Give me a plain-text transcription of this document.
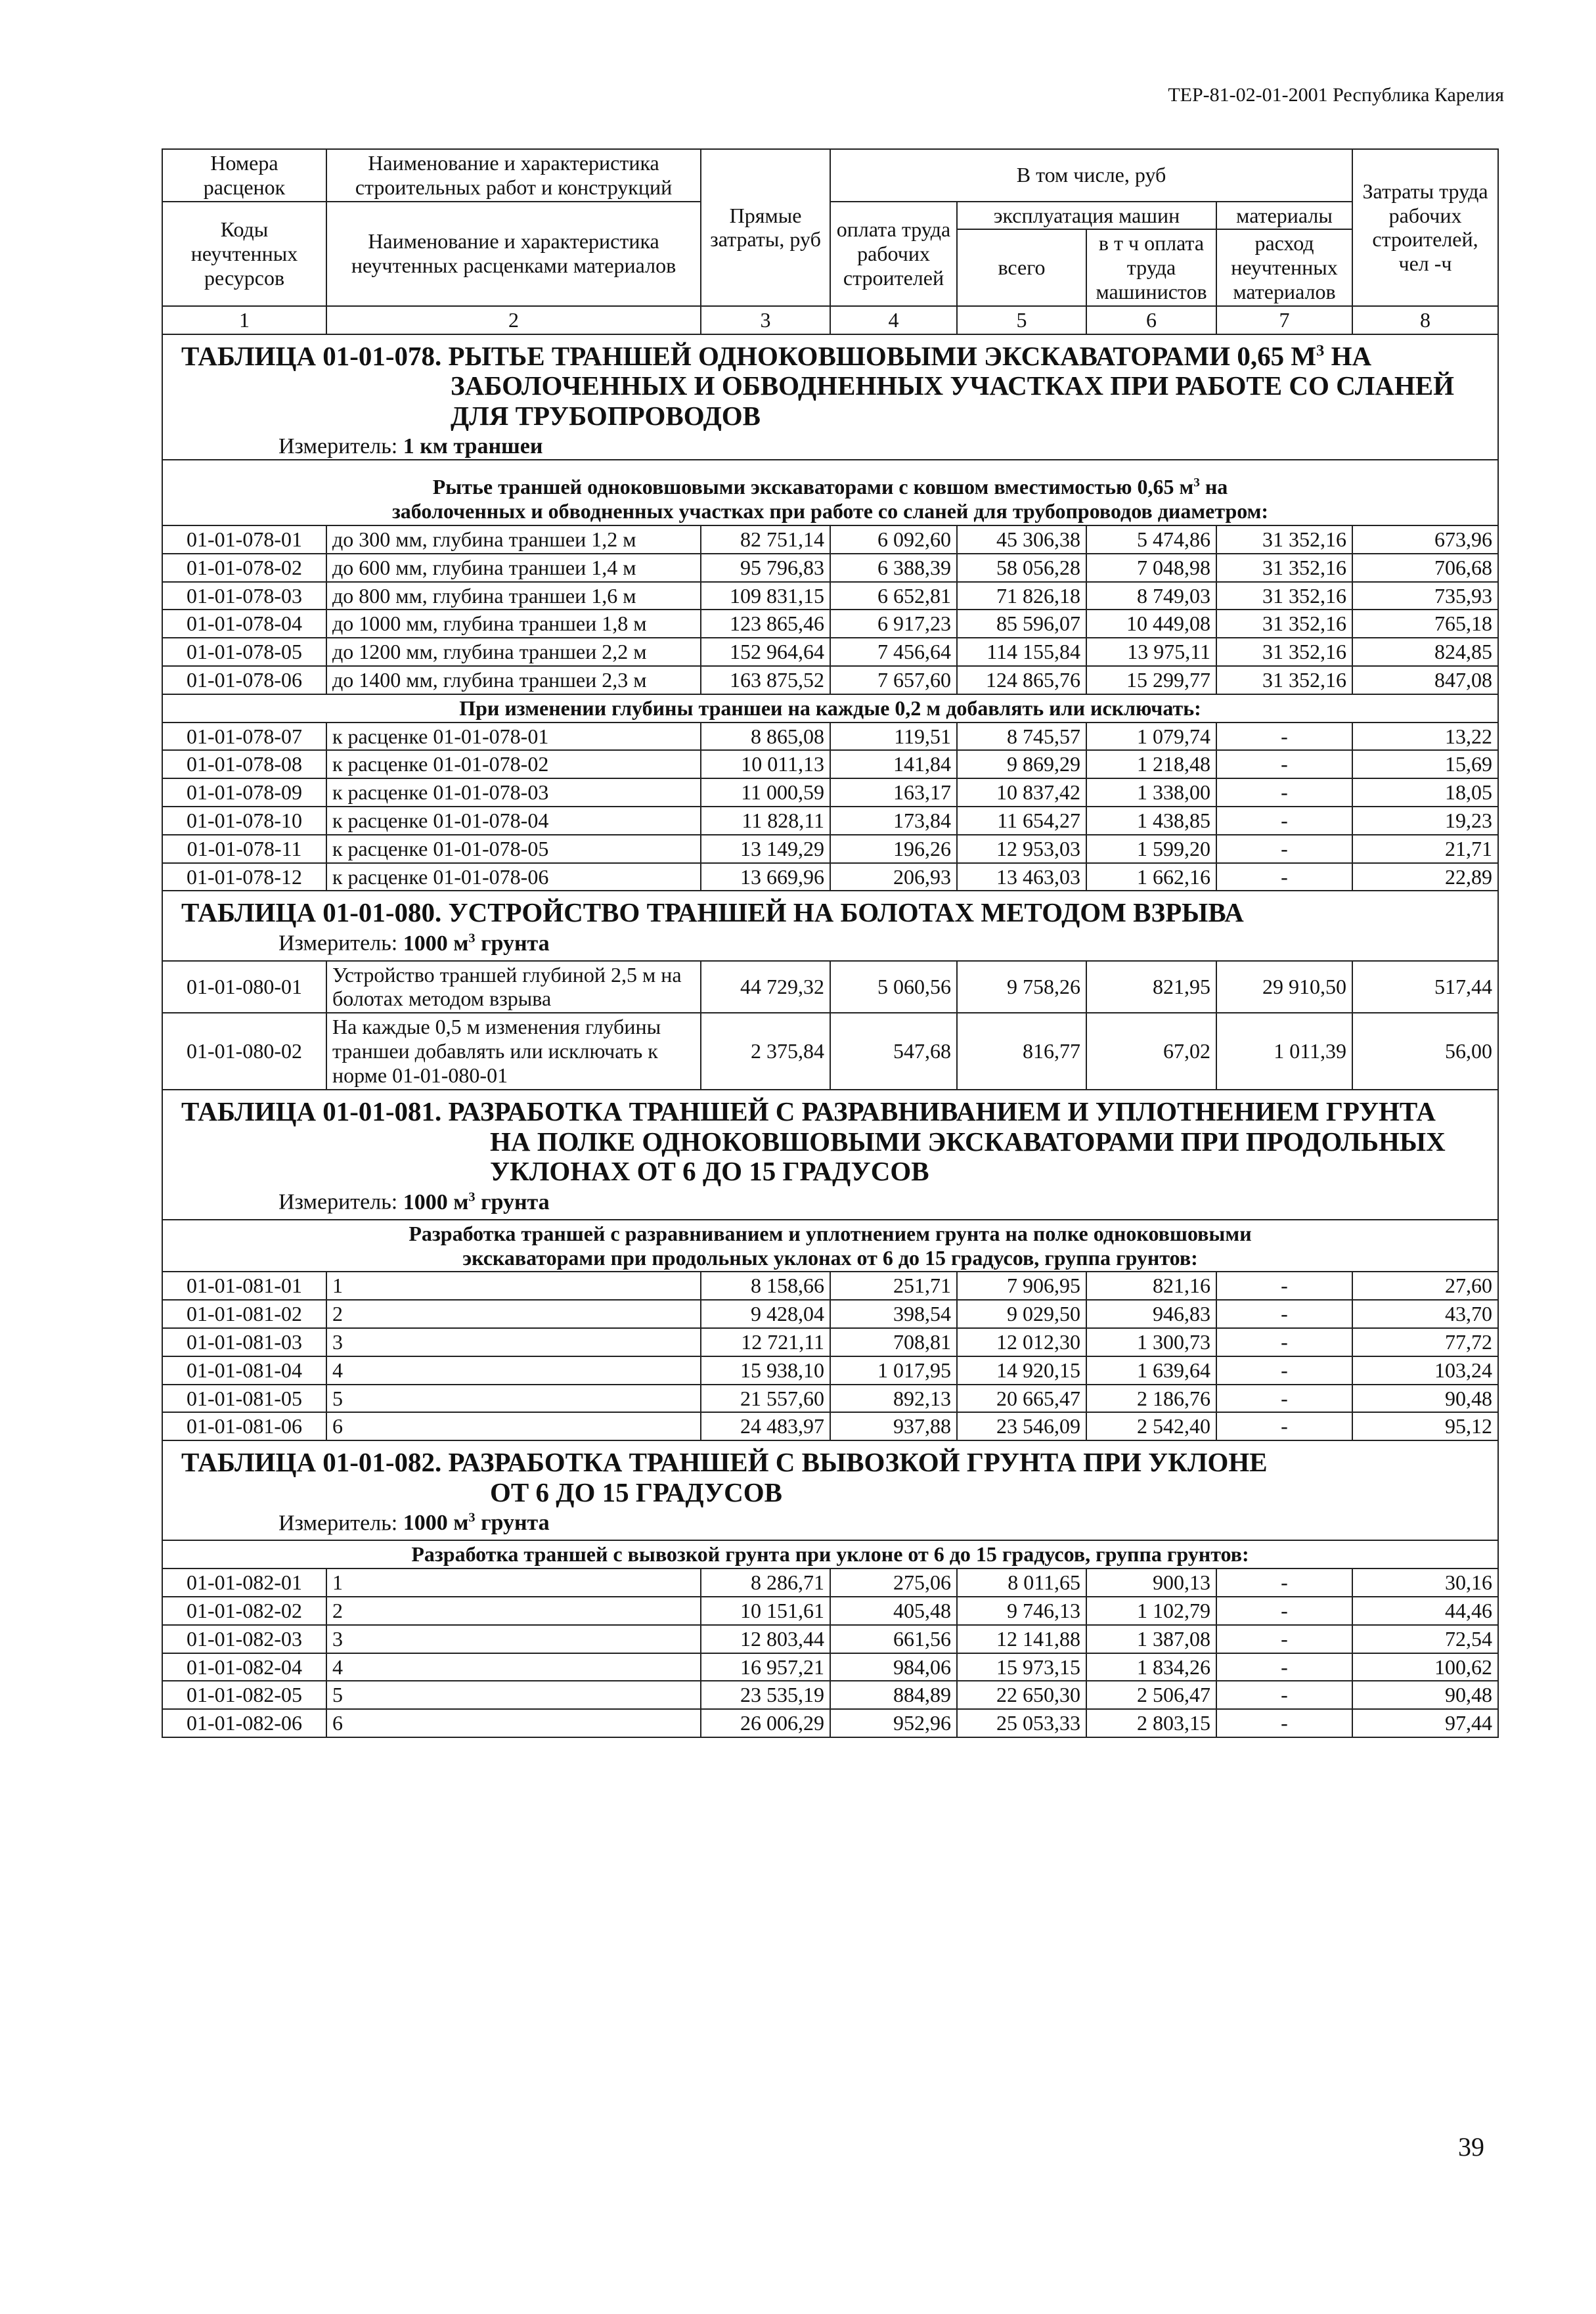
ТЕР-81-02-01-2001 Республика Карелия
Номера расценок	Наименование и характеристика строительных работ и конструкций	Прямые затраты, руб	В том числе, руб				Затраты труда рабочих строителей, чел -ч
Коды неучтенных ресурсов	Наименование и характеристика неучтенных расценками материалов		оплата труда рабочих строителей	эксплуатация машин		материалы	
				всего	в т ч оплата труда машинистов	расход неучтенных материалов	

1	2	3	4	5	6	7	8

ТАБЛИЦА 01-01-078. РЫТЬЕ ТРАНШЕЙ ОДНОКОВШОВЫМИ ЭКСКАВАТОРАМИ 0,65 $М^3$ НА
ЗАБОЛОЧЕННЫХ И ОБВОДНЕННЫХ УЧАСТКАХ ПРИ РАБОТЕ СО СЛАНЕЙ
ДЛЯ ТРУБОПРОВОДОВ
Измеритель: 1 км траншеи							

Рытье траншей одноковшовыми экскаваторами с ковшом вместимостью 0,65 $м^3$ на
заболоченных и обводненных участках при работе со сланей для трубопроводов диаметром:							
01-01-078-01	до 300 мм, глубина траншеи 1,2 м	82 751,14	6 092,60	45 306,38	5 474,86	31 352,16	673,96
01-01-078-02	до 600 мм, глубина траншеи 1,4 м	95 796,83	6 388,39	58 056,28	7 048,98	31 352,16	706,68
01-01-078-03	до 800 мм, глубина траншеи 1,6 м	109 831,15	6 652,81	71 826,18	8 749,03	31 352,16	735,93
01-01-078-04	до 1000 мм, глубина траншеи 1,8 м	123 865,46	6 917,23	85 596,07	10 449,08	31 352,16	765,18
01-01-078-05	до 1200 мм, глубина траншеи 2,2 м	152 964,64	7 456,64	114 155,84	13 975,11	31 352,16	824,85
01-01-078-06	до 1400 мм, глубина траншеи 2,3 м	163 875,52	7 657,60	124 865,76	15 299,77	31 352,16	847,08
При изменении глубины траншеи на каждые 0,2 м добавлять или исключать:							
01-01-078-07	к расценке 01-01-078-01	8 865,08	119,51	8 745,57	1 079,74	-	13,22
01-01-078-08	к расценке 01-01-078-02	10 011,13	141,84	9 869,29	1 218,48	-	15,69
01-01-078-09	к расценке 01-01-078-03	11 000,59	163,17	10 837,42	1 338,00	-	18,05
01-01-078-10	к расценке 01-01-078-04	11 828,11	173,84	11 654,27	1 438,85	-	19,23
01-01-078-11	к расценке 01-01-078-05	13 149,29	196,26	12 953,03	1 599,20	-	21,71
01-01-078-12	к расценке 01-01-078-06	13 669,96	206,93	13 463,03	1 662,16	-	22,89

ТАБЛИЦА 01-01-080. УСТРОЙСТВО ТРАНШЕЙ НА БОЛОТАХ МЕТОДОМ ВЗРЫВА
Измеритель: 1000 $м^3$ грунта							

01-01-080-01	Устройство траншей глубиной 2,5 м на болотах методом взрыва	44 729,32	5 060,56	9 758,26	821,95	29 910,50	517,44
01-01-080-02	На каждые 0,5 м изменения глубины траншеи добавлять или исключать к норме 01-01-080-01	2 375,84	547,68	816,77	67,02	1 011,39	56,00

ТАБЛИЦА 01-01-081. РАЗРАБОТКА ТРАНШЕЙ С РАЗРАВНИВАНИЕМ И УПЛОТНЕНИЕМ ГРУНТА
НА ПОЛКЕ ОДНОКОВШОВЫМИ ЭКСКАВАТОРАМИ ПРИ ПРОДОЛЬНЫХ
УКЛОНАХ ОТ 6 ДО 15 ГРАДУСОВ
Измеритель: 1000 $м^3$ грунта							

Разработка траншей с разравниванием и уплотнением грунта на полке одноковшовыми
экскаваторами при продольных уклонах от 6 до 15 градусов, группа грунтов:							
01-01-081-01	1	8 158,66	251,71	7 906,95	821,16	-	27,60
01-01-081-02	2	9 428,04	398,54	9 029,50	946,83	-	43,70
01-01-081-03	3	12 721,11	708,81	12 012,30	1 300,73	-	77,72
01-01-081-04	4	15 938,10	1 017,95	14 920,15	1 639,64	-	103,24
01-01-081-05	5	21 557,60	892,13	20 665,47	2 186,76	-	90,48
01-01-081-06	6	24 483,97	937,88	23 546,09	2 542,40	-	95,12

ТАБЛИЦА 01-01-082. РАЗРАБОТКА ТРАНШЕЙ С ВЫВОЗКОЙ ГРУНТА ПРИ УКЛОНЕ
ОТ 6 ДО 15 ГРАДУСОВ
Измеритель: 1000 $м^3$ грунта							

Разработка траншей с вывозкой грунта при уклоне от 6 до 15 градусов, группа грунтов:							
01-01-082-01	1	8 286,71	275,06	8 011,65	900,13	-	30,16
01-01-082-02	2	10 151,61	405,48	9 746,13	1 102,79	-	44,46
01-01-082-03	3	12 803,44	661,56	12 141,88	1 387,08	-	72,54
01-01-082-04	4	16 957,21	984,06	15 973,15	1 834,26	-	100,62
01-01-082-05	5	23 535,19	884,89	22 650,30	2 506,47	-	90,48
01-01-082-06	6	26 006,29	952,96	25 053,33	2 803,15	-	97,44
39
